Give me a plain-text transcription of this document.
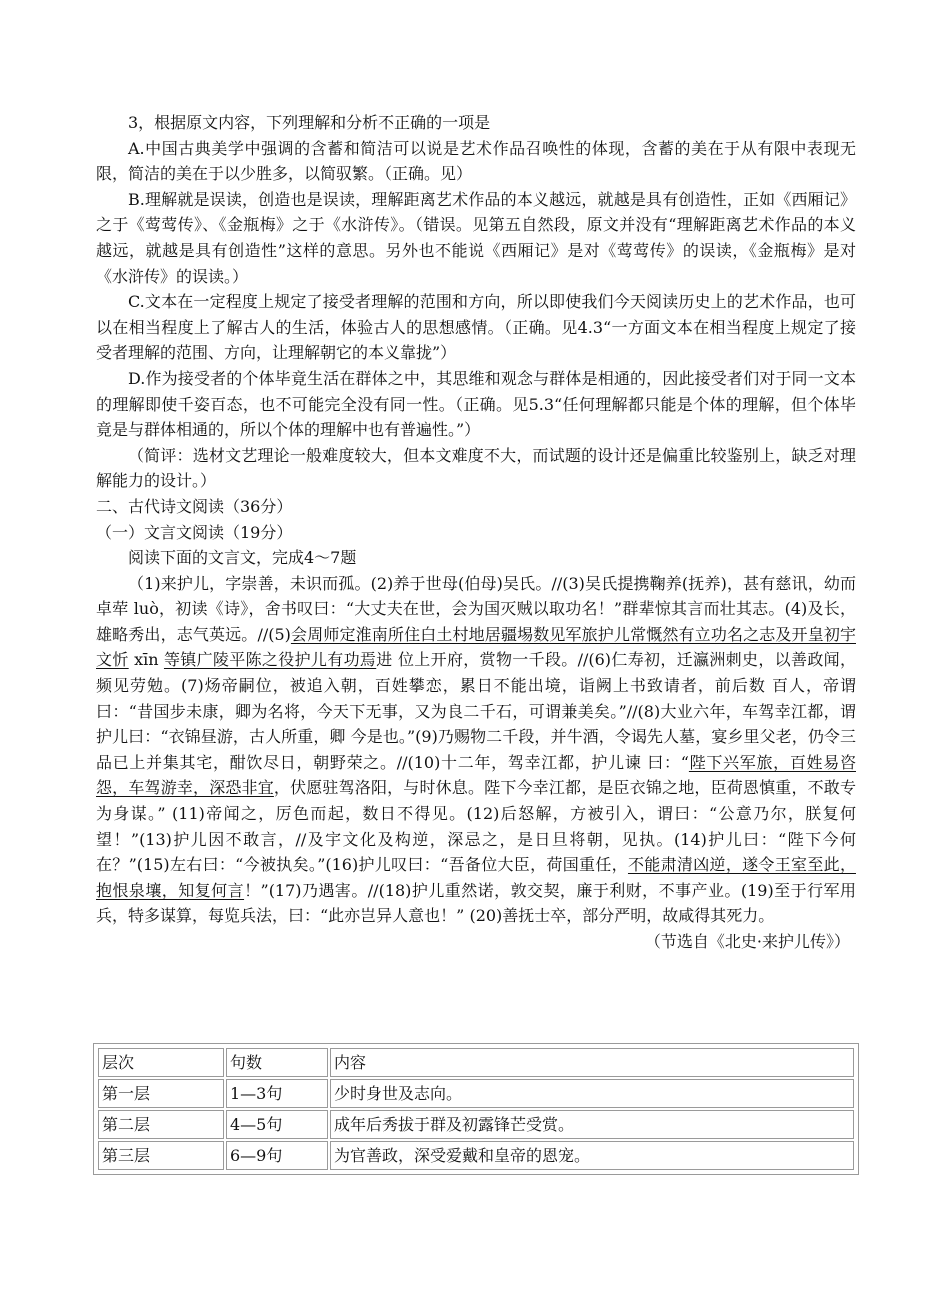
3，根据原文内容，下列理解和分析不正确的一项是

A.中国古典美学中强调的含蓄和简洁可以说是艺术作品召唤性的体现，含蓄的美在于从有限中表现无限，简洁的美在于以少胜多，以简驭繁。（正确。见）

B.理解就是误读，创造也是误读，理解距离艺术作品的本义越远，就越是具有创造性，正如《西厢记》之于《莺莺传》、《金瓶梅》之于《水浒传》。（错误。见第五自然段，原文并没有“理解距离艺术作品的本义越远，就越是具有创造性”这样的意思。另外也不能说《西厢记》是对《莺莺传》的误读，《金瓶梅》是对《水浒传》的误读。）

C.文本在一定程度上规定了接受者理解的范围和方向，所以即使我们今天阅读历史上的艺术作品，也可以在相当程度上了解古人的生活，体验古人的思想感情。（正确。见4.3“一方面文本在相当程度上规定了接受者理解的范围、方向，让理解朝它的本义靠拢”）

D.作为接受者的个体毕竟生活在群体之中，其思维和观念与群体是相通的，因此接受者们对于同一文本的理解即使千姿百态，也不可能完全没有同一性。（正确。见5.3“任何理解都只能是个体的理解，但个体毕竟是与群体相通的，所以个体的理解中也有普遍性。”）

（简评：选材文艺理论一般难度较大，但本文难度不大，而试题的设计还是偏重比较鉴别上，缺乏对理解能力的设计。）

二、古代诗文阅读（36分）

（一）文言文阅读（19分）

阅读下面的文言文，完成4～7题

（1)来护儿，字崇善，未识而孤。(2)养于世母(伯母)吴氏。//(3)吴氏提携鞠养(抚养)，甚有慈讯，幼而卓荦 luò，初读《诗》，舍书叹曰：“大丈夫在世，会为国灭贼以取功名！”群辈惊其言而壮其志。(4)及长，雄略秀出，志气英远。//(5)会周师定淮南所住白土村地居疆埸数见军旅护儿常慨然有立功名之志及开皇初宇文忻 xīn 等镇广陵平陈之役护儿有功焉进 位上开府，赏物一千段。//(6)仁寿初，迁瀛洲刺史，以善政闻，频见劳勉。(7)炀帝嗣位，被追入朝，百姓攀恋，累日不能出境，诣阙上书致请者，前后数 百人，帝谓曰：“昔国步未康，卿为名将，今天下无事，又为良二千石，可谓兼美矣。”//(8)大业六年，车驾幸江都，谓护儿曰：“衣锦昼游，古人所重，卿 今是也。”(9)乃赐物二千段，并牛酒，令谒先人墓，宴乡里父老，仍令三品已上并集其宅，酣饮尽日，朝野荣之。//(10)十二年，驾幸江都，护儿谏 曰：“陛下兴军旅，百姓易咨怨，车驾游幸，深恐非宜，伏愿驻驾洛阳，与时休息。陛下今幸江都，是臣衣锦之地，臣荷恩慎重，不敢专为身谋。” (11)帝闻之，厉色而起，数日不得见。(12)后怒解，方被引入，谓曰：“公意乃尔，朕复何望！”(13)护儿因不敢言，//及宇文化及构逆，深忌之，是日旦将朝，见执。(14)护儿曰：“陛下今何在？”(15)左右曰：“今被执矣。”(16)护儿叹曰：“吾备位大臣，荷国重任，不能肃清凶逆，遂令王室至此，抱恨泉壤，知复何言！”(17)乃遇害。//(18)护儿重然诺，敦交契，廉于利财，不事产业。(19)至于行军用兵，特多谋算，每览兵法，曰：“此亦岂异人意也！” (20)善抚士卒，部分严明，故咸得其死力。

（节选自《北史·来护儿传》）

层次	句数	内容
第一层	1—3句	少时身世及志向。
第二层	4—5句	成年后秀拔于群及初露锋芒受赏。
第三层	6—9句	为官善政，深受爱戴和皇帝的恩宠。
